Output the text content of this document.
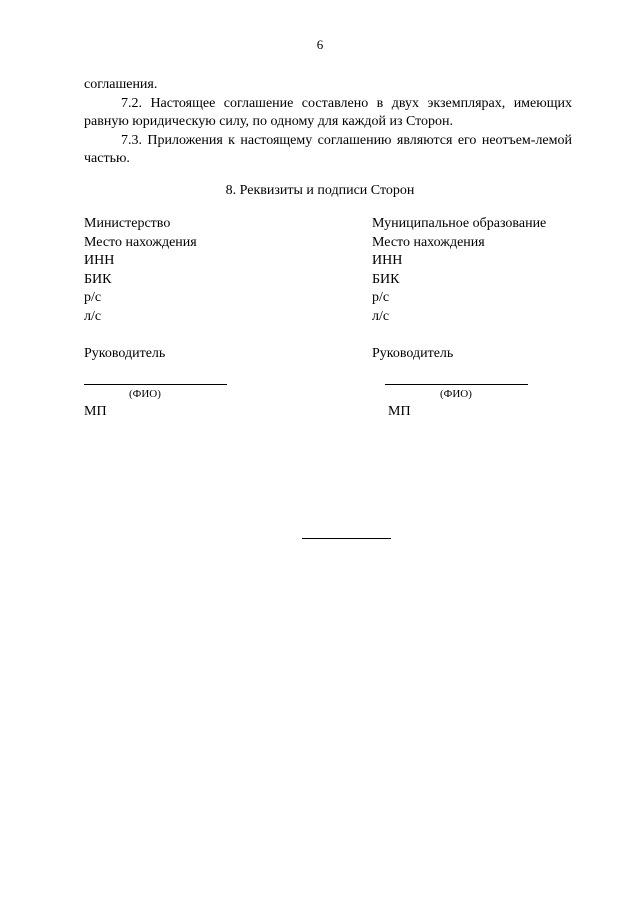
6

соглашения.

7.2. Настоящее соглашение составлено в двух экземплярах, имеющих равную юридическую силу, по одному для каждой из Сторон.

7.3. Приложения к настоящему соглашению являются его неотъем-лемой частью.

8. Реквизиты и подписи Сторон
Министерство
Место нахождения
ИНН
БИК
р/с
л/с
Руководитель
Муниципальное образование
Место нахождения
ИНН
БИК
р/с
л/с
Руководитель
(ФИО)	(ФИО)
МП	МП
